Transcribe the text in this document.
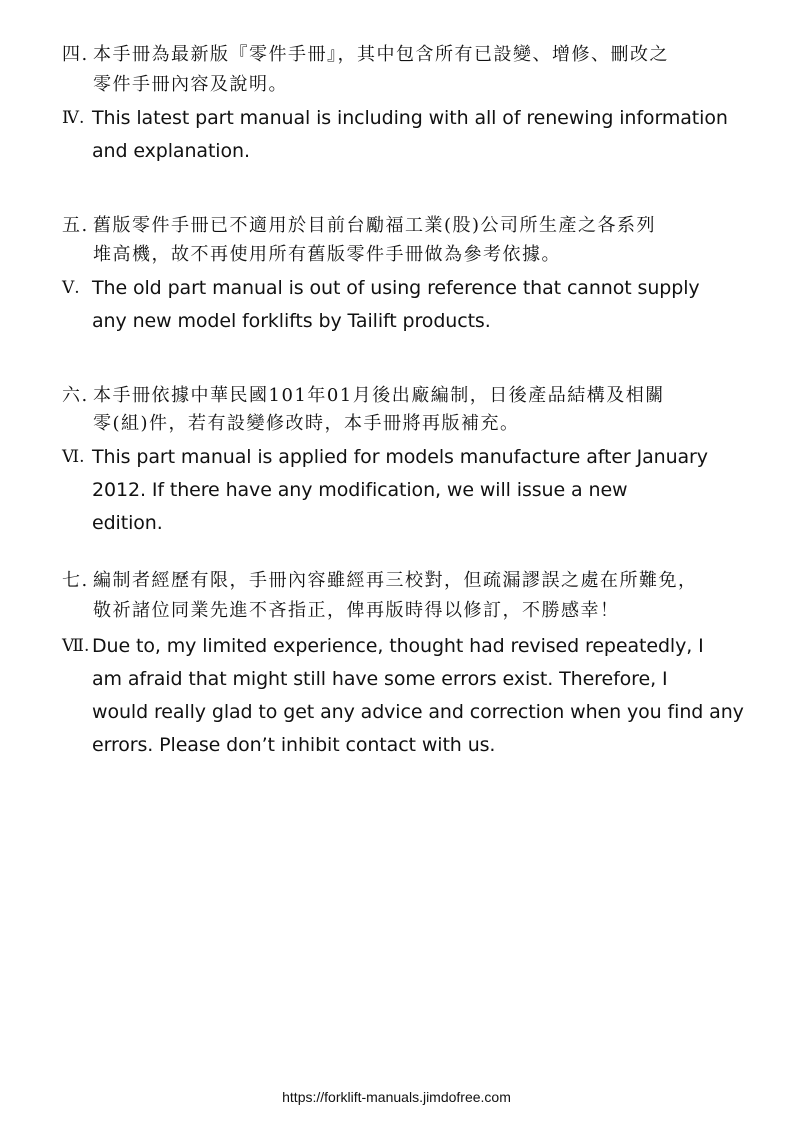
四. 本手冊為最新版『零件手冊』，其中包含所有已設變、增修、刪改之
零件手冊內容及說明。
Ⅳ. This latest part manual is including with all of renewing information
and explanation.
五. 舊版零件手冊已不適用於目前台勵福工業(股)公司所生產之各系列
堆高機，故不再使用所有舊版零件手冊做為參考依據。
Ⅴ. The old part manual is out of using reference that cannot supply
any new model forklifts by Tailift products.
六. 本手冊依據中華民國101年01月後出廠編制，日後產品結構及相關
零(組)件，若有設變修改時，本手冊將再版補充。
Ⅵ. This part manual is applied for models manufacture after January
2012. If there have any modification, we will issue a new
edition.
七. 編制者經歷有限，手冊內容雖經再三校對，但疏漏謬誤之處在所難免，
敬祈諸位同業先進不吝指正，俾再版時得以修訂，不勝感幸！
Ⅶ. Due to, my limited experience, thought had revised repeatedly, I
am afraid that might still have some errors exist. Therefore, I
would really glad to get any advice and correction when you find any
errors. Please don’t inhibit contact with us.
https://forklift-manuals.jimdofree.com
